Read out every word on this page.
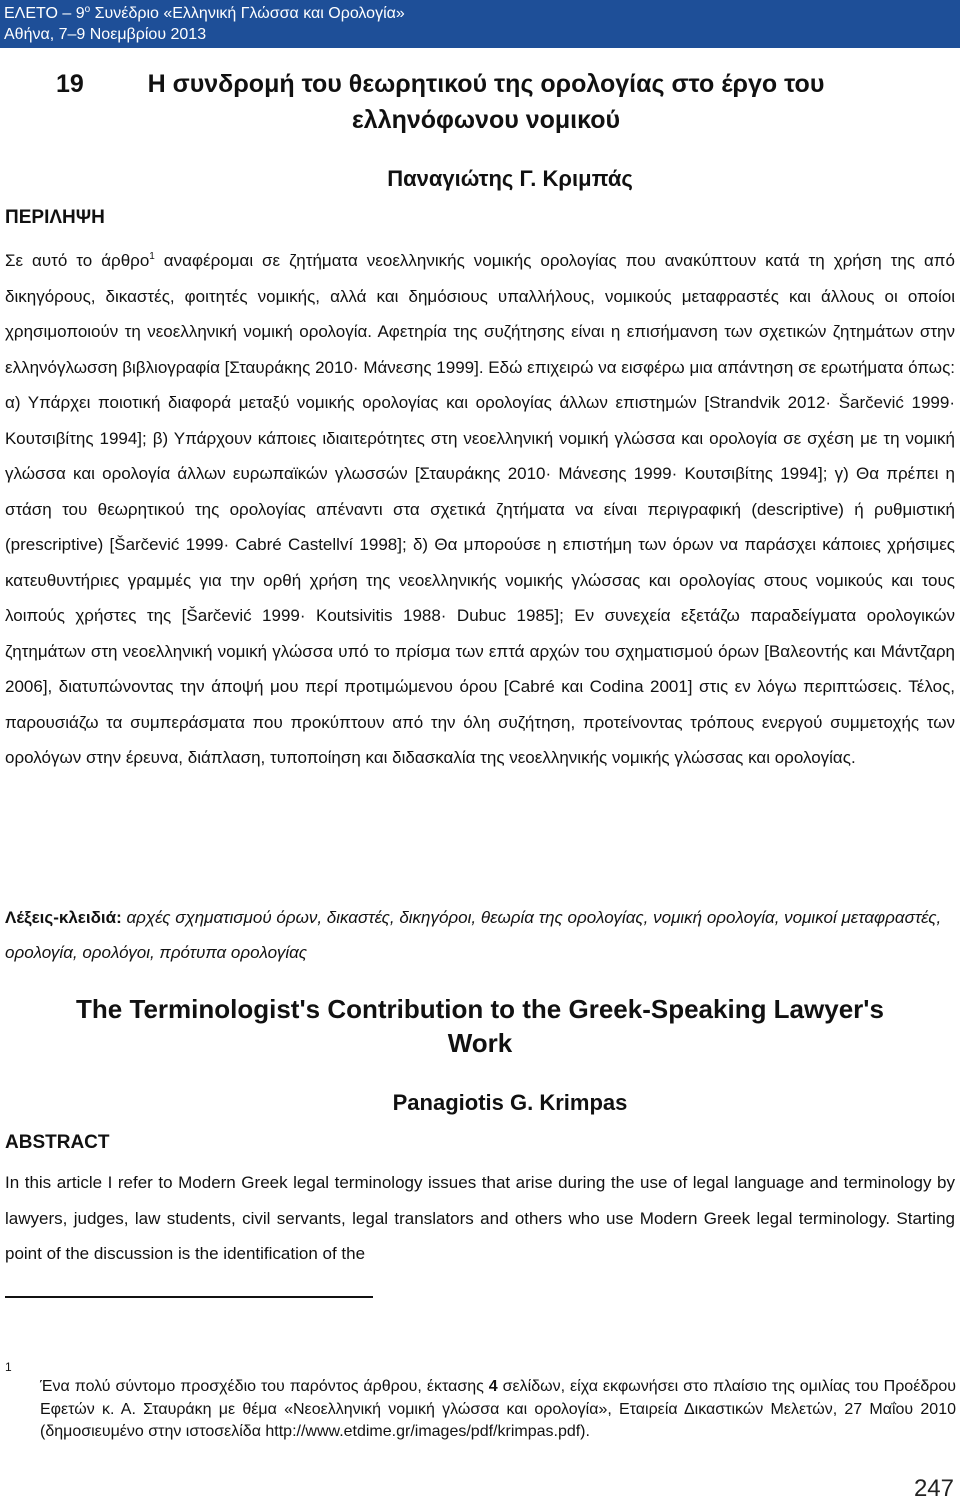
ΕΛΕΤΟ – $9^o$ Συνέδριο «Ελληνική Γλώσσα και Ορολογία»
Αθήνα, 7–9 Νοεμβρίου 2013
19	Η συνδρομή του θεωρητικού της ορολογίας στο έργο του
ελληνόφωνου νομικού
Παναγιώτης Γ. Κριμπάς
ΠΕΡΙΛΗΨΗ

Σε αυτό το άρθρο$^1$ αναφέρομαι σε ζητήματα νεοελληνικής νομικής ορολογίας που ανακύπτουν κατά τη χρήση της από δικηγόρους, δικαστές, φοιτητές νομικής, αλλά και δημόσιους υπαλλήλους, νομικούς μεταφραστές και άλλους οι οποίοι χρησιμοποιούν τη νεοελληνική νομική ορολογία. Αφετηρία της συζήτησης είναι η επισήμανση των σχετικών ζητημάτων στην ελληνόγλωσση βιβλιογραφία [Σταυράκης 2010· Μάνεσης 1999]. Εδώ επιχειρώ να εισφέρω μια απάντηση σε ερωτήματα όπως: α) Υπάρχει ποιοτική διαφορά μεταξύ νομικής ορολογίας και ορολογίας άλλων επιστημών [Strandvik 2012· Šarčević 1999· Κουτσιβίτης 1994]; β) Υπάρχουν κάποιες ιδιαιτερότητες στη νεοελληνική νομική γλώσσα και ορολογία σε σχέση με τη νομική γλώσσα και ορολογία άλλων ευρωπαϊκών γλωσσών [Σταυράκης 2010· Μάνεσης 1999· Κουτσιβίτης 1994]; γ) Θα πρέπει η στάση του θεωρητικού της ορολογίας απέναντι στα σχετικά ζητήματα να είναι περιγραφική (descriptive) ή ρυθμιστική (prescriptive) [Šarčević 1999· Cabré Castellví 1998]; δ) Θα μπορούσε η επιστήμη των όρων να παράσχει κάποιες χρήσιμες κατευθυντήριες γραμμές για την ορθή χρήση της νεοελληνικής νομικής γλώσσας και ορολογίας στους νομικούς και τους λοιπούς χρήστες της [Šarčević 1999· Koutsivitis 1988· Dubuc 1985]; Εν συνεχεία εξετάζω παραδείγματα ορολογικών ζητημάτων στη νεοελληνική νομική γλώσσα υπό το πρίσμα των επτά αρχών του σχηματισμού όρων [Βαλεοντής και Μάντζαρη 2006], διατυπώνοντας την άποψή μου περί προτιμώμενου όρου [Cabré και Codina 2001] στις εν λόγω περιπτώσεις. Τέλος, παρουσιάζω τα συμπεράσματα που προκύπτουν από την όλη συζήτηση, προτείνοντας τρόπους ενεργού συμμετοχής των ορολόγων στην έρευνα, διάπλαση, τυποποίηση και διδασκαλία της νεοελληνικής νομικής γλώσσας και ορολογίας.

Λέξεις-κλειδιά: αρχές σχηματισμού όρων, δικαστές, δικηγόροι, θεωρία της ορολογίας, νομική ορολογία, νομικοί μεταφραστές, ορολογία, ορολόγοι, πρότυπα ορολογίας

The Terminologist's Contribution to the Greek-Speaking Lawyer's
Work
Panagiotis G. Krimpas
ABSTRACT

In this article I refer to Modern Greek legal terminology issues that arise during the use of legal language and terminology by lawyers, judges, law students, civil servants, legal translators and others who use Modern Greek legal terminology. Starting point of the discussion is the identification of the

1

Ένα πολύ σύντομο προσχέδιο του παρόντος άρθρου, έκτασης 4 σελίδων, είχα εκφωνήσει στο πλαίσιο της ομιλίας του Προέδρου Εφετών κ. Α. Σταυράκη με θέμα «Νεοελληνική νομική γλώσσα και ορολογία», Εταιρεία Δικαστικών Μελετών, 27 Μαΐου 2010 (δημοσιευμένο στην ιστοσελίδα http://www.etdime.gr/images/pdf/krimpas.pdf).

247
